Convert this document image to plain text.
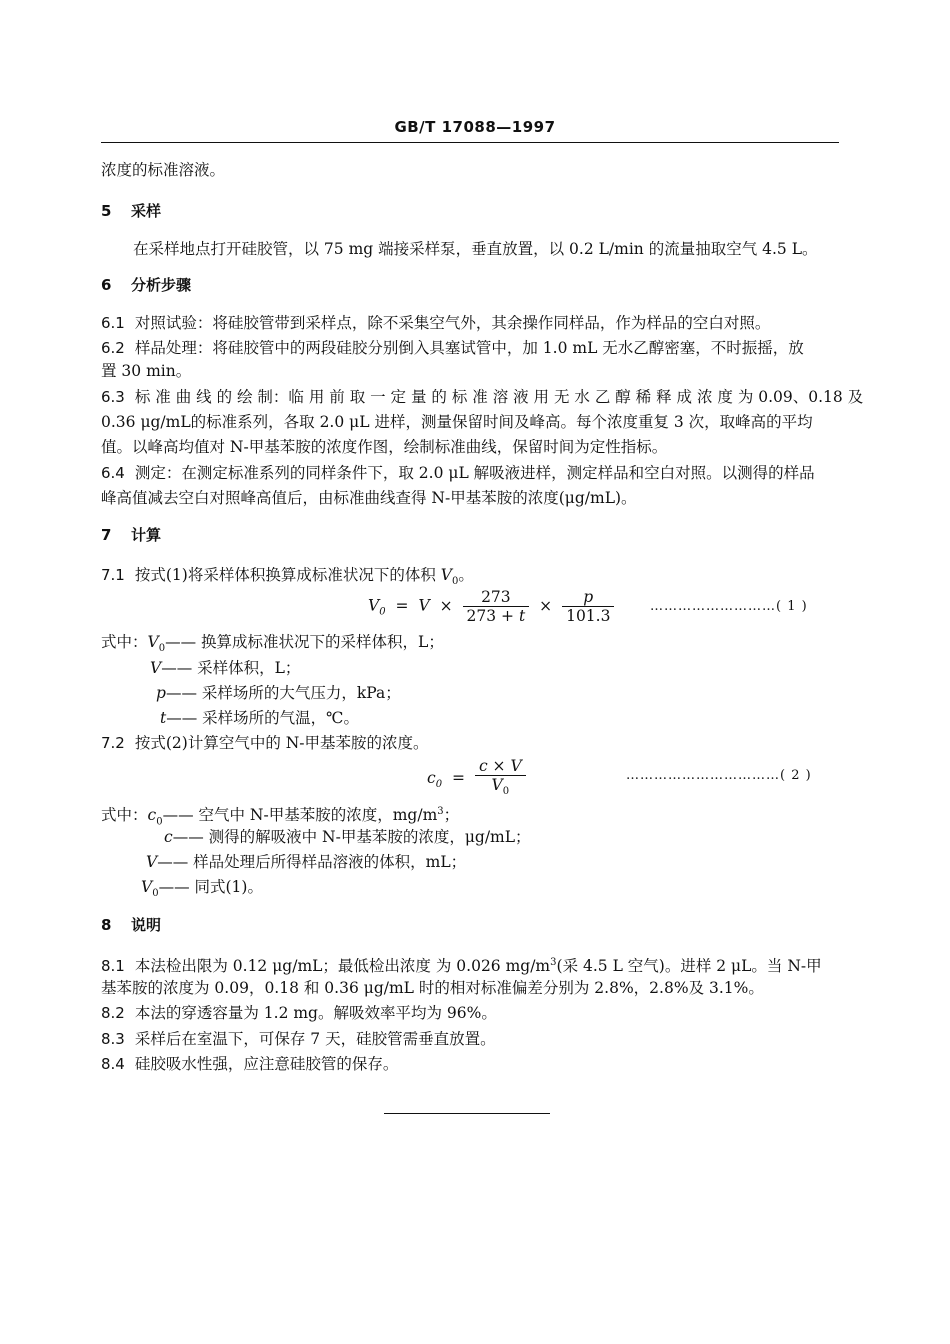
GB/T 17088—1997
浓度的标准溶液。
5 采样
在采样地点打开硅胶管，以 75 mg 端接采样泵，垂直放置，以 0.2 L/min 的流量抽取空气 4.5 L。
6 分析步骤
6.1 对照试验：将硅胶管带到采样点，除不采集空气外，其余操作同样品，作为样品的空白对照。
6.2 样品处理：将硅胶管中的两段硅胶分别倒入具塞试管中，加 1.0 mL 无水乙醇密塞，不时振摇，放
置 30 min。
6.3 标 准 曲 线 的 绘 制：临 用 前 取 一 定 量 的 标 准 溶 液 用 无 水 乙 醇 稀 释 成 浓 度 为 0.09、0.18 及
0.36 μg/mL的标准系列，各取 2.0 μL 进样，测量保留时间及峰高。每个浓度重复 3 次，取峰高的平均
值。以峰高均值对 N-甲基苯胺的浓度作图，绘制标准曲线，保留时间为定性指标。
6.4 测定：在测定标准系列的同样条件下，取 2.0 μL 解吸液进样，测定样品和空白对照。以测得的样品
峰高值减去空白对照峰高值后，由标准曲线查得 N-甲基苯胺的浓度(μg/mL)。
7 计算
7.1 按式(1)将采样体积换算成标准状况下的体积 $V_0$。
$V_0 = V \times \frac{273}{273 + t} \times \frac{p}{101.3}$	………………………( 1 )
式中：$V_0——$ 换算成标准状况下的采样体积，L；
V—— 采样体积，L；
p—— 采样场所的大气压力，kPa；
t—— 采样场所的气温，℃。
7.2 按式(2)计算空气中的 N-甲基苯胺的浓度。
$c_0 = \frac{c \times V}{V_0}$	……………………………( 2 )
式中：$c_0——$ 空气中 N-甲基苯胺的浓度，$mg/m^3$；
c—— 测得的解吸液中 N-甲基苯胺的浓度，μg/mL；
V—— 样品处理后所得样品溶液的体积，mL；
$V_0——$ 同式(1)。
8 说明
8.1 本法检出限为 0.12 μg/mL；最低检出浓度 为 0.026 $mg/m^3$(采 4.5 L 空气)。进样 2 μL。当 N-甲
基苯胺的浓度为 0.09，0.18 和 0.36 μg/mL 时的相对标准偏差分别为 2.8%，2.8%及 3.1%。
8.2 本法的穿透容量为 1.2 mg。解吸效率平均为 96%。
8.3 采样后在室温下，可保存 7 天，硅胶管需垂直放置。
8.4 硅胶吸水性强，应注意硅胶管的保存。
